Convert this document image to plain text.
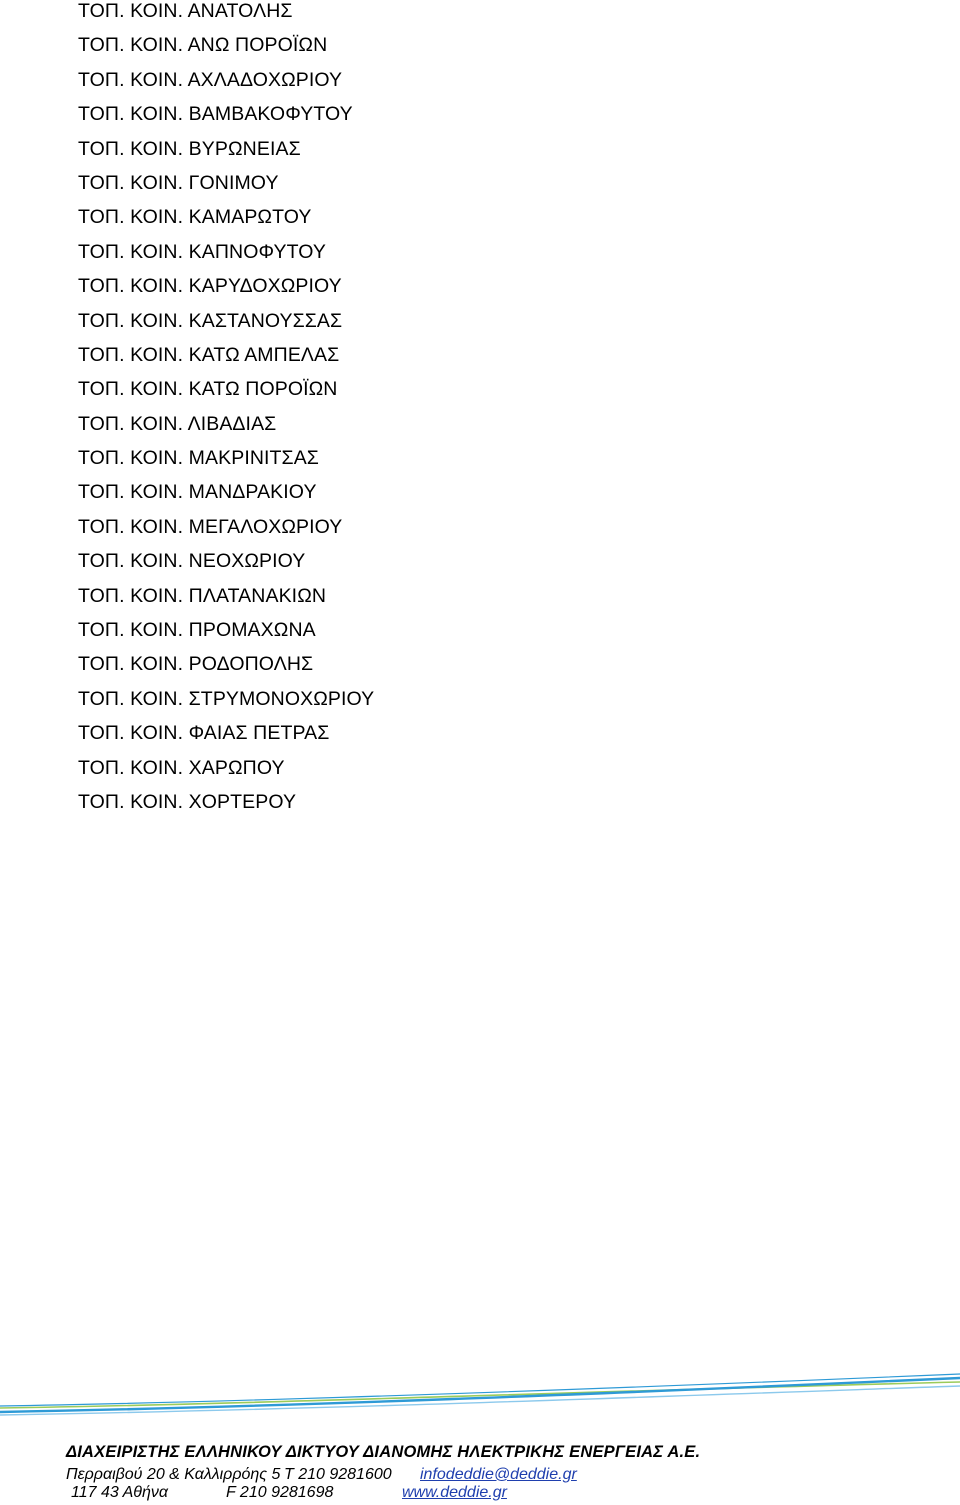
ΤΟΠ. ΚΟΙΝ. ΑΝΑΤΟΛΗΣ
ΤΟΠ. ΚΟΙΝ. ΑΝΩ ΠΟΡΟΪΩΝ
ΤΟΠ. ΚΟΙΝ. ΑΧΛΑΔΟΧΩΡΙΟΥ
ΤΟΠ. ΚΟΙΝ. ΒΑΜΒΑΚΟΦΥΤΟΥ
ΤΟΠ. ΚΟΙΝ. ΒΥΡΩΝΕΙΑΣ
ΤΟΠ. ΚΟΙΝ. ΓΟΝΙΜΟΥ
ΤΟΠ. ΚΟΙΝ. ΚΑΜΑΡΩΤΟΥ
ΤΟΠ. ΚΟΙΝ. ΚΑΠΝΟΦΥΤΟΥ
ΤΟΠ. ΚΟΙΝ. ΚΑΡΥΔΟΧΩΡΙΟΥ
ΤΟΠ. ΚΟΙΝ. ΚΑΣΤΑΝΟΥΣΣΑΣ
ΤΟΠ. ΚΟΙΝ. ΚΑΤΩ ΑΜΠΕΛΑΣ
ΤΟΠ. ΚΟΙΝ. ΚΑΤΩ ΠΟΡΟΪΩΝ
ΤΟΠ. ΚΟΙΝ. ΛΙΒΑΔΙΑΣ
ΤΟΠ. ΚΟΙΝ. ΜΑΚΡΙΝΙΤΣΑΣ
ΤΟΠ. ΚΟΙΝ. ΜΑΝΔΡΑΚΙΟΥ
ΤΟΠ. ΚΟΙΝ. ΜΕΓΑΛΟΧΩΡΙΟΥ
ΤΟΠ. ΚΟΙΝ. ΝΕΟΧΩΡΙΟΥ
ΤΟΠ. ΚΟΙΝ. ΠΛΑΤΑΝΑΚΙΩΝ
ΤΟΠ. ΚΟΙΝ. ΠΡΟΜΑΧΩΝΑ
ΤΟΠ. ΚΟΙΝ. ΡΟΔΟΠΟΛΗΣ
ΤΟΠ. ΚΟΙΝ. ΣΤΡΥΜΟΝΟΧΩΡΙΟΥ
ΤΟΠ. ΚΟΙΝ. ΦΑΙΑΣ ΠΕΤΡΑΣ
ΤΟΠ. ΚΟΙΝ. ΧΑΡΩΠΟΥ
ΤΟΠ. ΚΟΙΝ. ΧΟΡΤΕΡΟΥ
ΔΙΑΧΕΙΡΙΣΤΗΣ ΕΛΛΗΝΙΚΟΥ ΔΙΚΤΥΟΥ ΔΙΑΝΟΜΗΣ ΗΛΕΚΤΡΙΚΗΣ ΕΝΕΡΓΕΙΑΣ Α.Ε.
Περραιβού 20 & Καλλιρρόης 5 T 210 9281600 infodeddie@deddie.gr
117 43 Αθήνα	F 210 9281698	www.deddie.gr
